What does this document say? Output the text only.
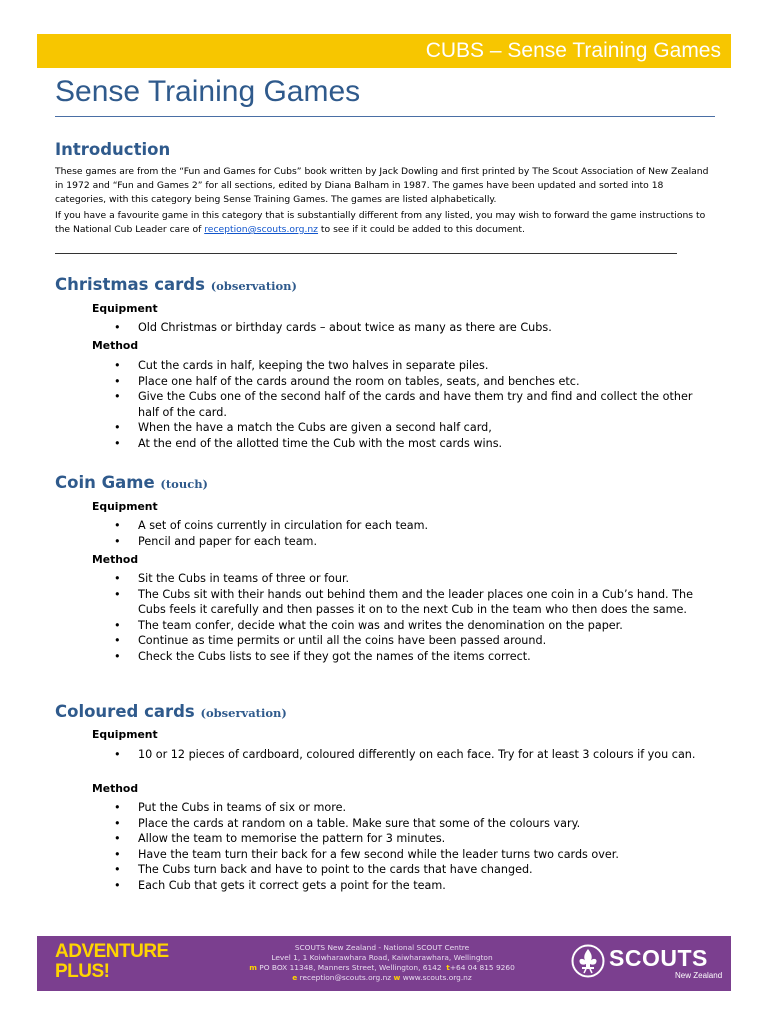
CUBS – Sense Training Games
Sense Training Games
Introduction

These games are from the “Fun and Games for Cubs” book written by Jack Dowling and first printed by The Scout Association of New Zealand in 1972 and “Fun and Games 2” for all sections, edited by Diana Balham in 1987. The games have been updated and sorted into 18 categories, with this category being Sense Training Games. The games are listed alphabetically.

If you have a favourite game in this category that is substantially different from any listed, you may wish to forward the game instructions to the National Cub Leader care of reception@scouts.org.nz to see if it could be added to this document.

Christmas cards (observation)
Equipment
• Old Christmas or birthday cards – about twice as many as there are Cubs.
Method
• Cut the cards in half, keeping the two halves in separate piles.
• Place one half of the cards around the room on tables, seats, and benches etc.
• Give the Cubs one of the second half of the cards and have them try and find and collect the other half of the card.
• When the have a match the Cubs are given a second half card,
• At the end of the allotted time the Cub with the most cards wins.
Coin Game (touch)
Equipment
• A set of coins currently in circulation for each team.
• Pencil and paper for each team.
Method
• Sit the Cubs in teams of three or four.
• The Cubs sit with their hands out behind them and the leader places one coin in a Cub’s hand. The Cubs feels it carefully and then passes it on to the next Cub in the team who then does the same.
• The team confer, decide what the coin was and writes the denomination on the paper.
• Continue as time permits or until all the coins have been passed around.
• Check the Cubs lists to see if they got the names of the items correct.
Coloured cards (observation)
Equipment
• 10 or 12 pieces of cardboard, coloured differently on each face. Try for at least 3 colours if you can.
Method
• Put the Cubs in teams of six or more.
• Place the cards at random on a table. Make sure that some of the colours vary.
• Allow the team to memorise the pattern for 3 minutes.
• Have the team turn their back for a few second while the leader turns two cards over.
• The Cubs turn back and have to point to the cards that have changed.
• Each Cub that gets it correct gets a point for the team.
ADVENTURE
PLUS!
SCOUTS New Zealand - National SCOUT Centre
Level 1, 1 Koiwharawhara Road, Kaiwharawhara, Wellington
m PO BOX 11348, Manners Street, Wellington, 6142 t+64 04 815 9260
e reception@scouts.org.nz w www.scouts.org.nz
SCOUTS
New Zealand
